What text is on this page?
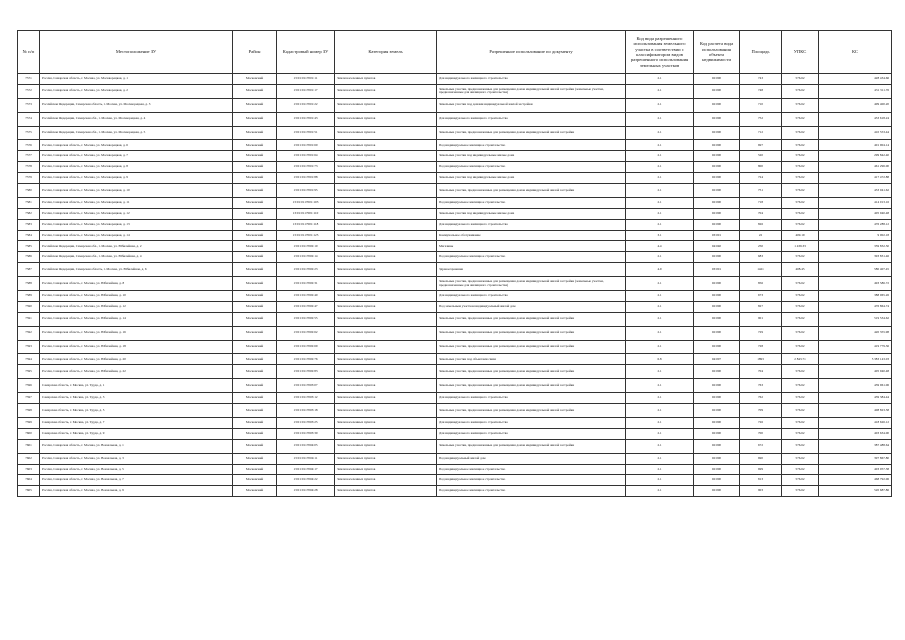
№ п/п	Местоположение ЗУ	Район	Кадастровый номер ЗУ	Категория земель	Разрешенное использование по документу	Код вида разрешенного использования земельного участка в соответствии с классификатором видов разрешенного использования земельных участков	Код расчета вида использования объекта недвижимости	Площадь	УПКС	КС
7571	Россия, Самарская область, г. Москва, ул. Москворецкая, д. 1	Московский	13:01:0117001:11	Земли населенных пунктов	Для индивидуального жилищного строительства	2.1	02:000	743	576.62	428 434.66
7572	Россия, Самарская область, г. Москва, ул. Москворецкая, д. 2	Московский	13:01:0117001:17	Земли населенных пунктов	Земельные участки, предназначенные для размещения домов индивидуальной жилой застройки (земельные участки, предназначенные для жилищного строительства)	2.1	02:000	748	576.62	431 311.76
7573	Российская Федерация, Самарская область, г. Москва, ул. Москворецкая, д. 3	Московский	13:01:0117001:22	Земли населенных пунктов	Земельные участки под домами индивидуальной жилой застройки	2.1	02:000	710	576.62	409 400.20
7574	Российская Федерация, Самарская обл., г. Москва, ул. Москворецкая, д. 4	Московский	13:01:0117001:43	Земли населенных пунктов	Для индивидуального жилищного строительства	2.1	02:000	752	576.62	433 618.24
7575	Российская Федерация, Самарская обл., г. Москва, ул. Москворецкая, д. 5	Московский	13:01:0117001:51	Земли населенных пунктов	Земельные участки, предназначенные для размещения домов индивидуальной жилой застройки	2.1	02:000	712	576.62	410 553.44
7576	Россия, Самарская область, г. Москва, ул. Москворецкая, д. 6	Московский	13:01:0117001:60	Земли населенных пунктов	Под индивидуальное жилищное строительство	2.1	02:000	697	576.62	401 904.14
7577	Россия, Самарская область, г. Москва, ул. Москворецкая, д. 7	Московский	13:01:0117001:64	Земли населенных пунктов	Земельные участки под индивидуальные жилые дома	2.1	02:000	520	576.62	299 842.40
7578	Россия, Самарская область, г. Москва, ул. Москворецкая, д. 8	Московский	13:01:0117001:73	Земли населенных пунктов	Под индивидуальное жилищное строительство	2.1	02:000	800	576.62	461 296.00
7579	Россия, Самарская область, г. Москва, ул. Москворецкая, д. 9	Московский	13:01:0117001:88	Земли населенных пунктов	Земельные участки под индивидуальные жилые дома	2.1	02:000	724	576.62	417 472.88
7580	Россия, Самарская область, г. Москва, ул. Москворецкая, д. 10	Московский	13:01:0117001:95	Земли населенных пунктов	Земельные участки, предназначенные для размещения домов индивидуальной жилой застройки	2.1	02:000	751	576.62	433 041.62
7581	Россия, Самарская область, г. Москва, ул. Москворецкая, д. 11	Московский	13:01:0117001:103	Земли населенных пунктов	Под индивидуальное жилищное строительство	2.1	02:000	718	576.62	414 013.16
7582	Россия, Самарская область, г. Москва, ул. Москворецкая, д. 12	Московский	13:01:0117001:110	Земли населенных пунктов	Земельные участки под индивидуальные жилые дома	2.1	02:000	704	576.62	405 940.48
7583	Россия, Самарская область, г. Москва, ул. Москворецкая, д. 13	Московский	13:01:0117001:118	Земли населенных пунктов	Для индивидуального жилищного строительства	2.1	02:000	826	576.62	476 288.12
7584	Россия, Самарская область, г. Москва, ул. Москворецкая, д. 14	Московский	13:01:0117001:125	Земли населенных пунктов	Коммунальное обслуживание	3.1	03:001	22	409.19	9 002.18
7585	Российская Федерация, Самарская обл., г. Москва, ул. Юбилейная, д. 2	Московский	13:01:0117002:10	Земли населенных пунктов	Магазины	4.4	04:040	250	1 439.33	359 832.50
7586	Российская Федерация, Самарская обл., г. Москва, ул. Юбилейная, д. 4	Московский	13:01:0117002:14	Земли населенных пунктов	Под индивидуальное жилищное строительство	2.1	02:000	683	576.62	393 831.46
7587	Российская Федерация, Самарская область, г. Москва, ул. Юбилейная, д. 6	Московский	13:01:0117002:23	Земли населенных пунктов	Здравоохранение	4.9	03:001	1421	408.45	580 407.45
7588	Россия, Самарская область, г. Москва, ул. Юбилейная, д. 8	Московский	13:01:0117002:31	Земли населенных пунктов	Земельные участки, предназначенные для размещения домов индивидуальной жилой застройки (земельные участки, предназначенные для жилищного строительства)	2.1	02:000	856	576.62	493 586.72
7589	Россия, Самарская область, г. Москва, ул. Юбилейная, д. 10	Московский	13:01:0117002:40	Земли населенных пунктов	Для индивидуального жилищного строительства	2.1	02:000	673	576.62	388 065.26
7590	Россия, Самарская область, г. Москва, ул. Юбилейная, д. 12	Московский	13:01:0117002:47	Земли населенных пунктов	Под земельным участком индивидуальный жилой дом	2.1	02:000	827	576.62	476 864.74
7591	Россия, Самарская область, г. Москва, ул. Юбилейная, д. 14	Московский	13:01:0117002:55	Земли населенных пунктов	Земельные участки, предназначенные для размещения домов индивидуальной жилой застройки	2.1	02:000	901	576.62	519 534.62
7592	Россия, Самарская область, г. Москва, ул. Юбилейная, д. 16	Московский	13:01:0117002:62	Земли населенных пунктов	Земельные участки, предназначенные для размещения домов индивидуальной жилой застройки	2.1	02:000	729	576.62	420 355.98
7593	Россия, Самарская область, г. Москва, ул. Юбилейная, д. 18	Московский	13:01:0117002:69	Земли населенных пунктов	Земельные участки, предназначенные для размещения домов индивидуальной жилой застройки	2.1	02:000	728	576.62	419 779.36
7594	Россия, Самарская область, г. Москва, ул. Юбилейная, д. 20	Московский	13:01:0117002:76	Земли населенных пунктов	Земельные участки под объектами связи	6.8	04:007	1893	2 843.71	5 383 143.03
7595	Россия, Самарская область, г. Москва, ул. Юбилейная, д. 22	Московский	13:01:0117002:83	Земли населенных пунктов	Земельные участки, предназначенные для размещения домов индивидуальной жилой застройки	2.1	02:000	704	576.62	405 940.48
7596	Самарская область, г. Москва, ул. Труда, д. 1	Московский	13:01:0117003:07	Земли населенных пунктов	Земельные участки, предназначенные для размещения домов индивидуальной жилой застройки	2.1	02:000	763	576.62	439 961.06
7597	Самарская область, г. Москва, ул. Труда, д. 3	Московский	13:01:0117003:12	Земли населенных пунктов	Для индивидуального жилищного строительства	2.1	02:000	762	576.62	439 384.44
7598	Самарская область, г. Москва, ул. Труда, д. 5	Московский	13:01:0117003:18	Земли населенных пунктов	Земельные участки, предназначенные для размещения домов индивидуальной жилой застройки	2.1	02:000	709	576.62	408 823.58
7599	Самарская область, г. Москва, ул. Труда, д. 7	Московский	13:01:0117003:25	Земли населенных пунктов	Для индивидуального жилищного строительства	2.1	02:000	726	576.62	418 626.12
7600	Самарская область, г. Москва, ул. Труда, д. 9	Московский	13:01:0117003:30	Земли населенных пунктов	Для индивидуального жилищного строительства	2.1	02:000	700	576.62	403 634.00
7601	Россия, Самарская область, г. Москва, ул. Вокзальная, д. 1	Московский	13:01:0117004:05	Земли населенных пунктов	Земельные участки, предназначенные для размещения домов индивидуальной жилой застройки	2.1	02:000	672	576.62	387 488.64
7602	Россия, Самарская область, г. Москва, ул. Вокзальная, д. 3	Московский	13:01:0117004:11	Земли населенных пунктов	Под индивидуальный жилой дом	2.1	02:000	690	576.62	397 867.80
7603	Россия, Самарская область, г. Москва, ул. Вокзальная, д. 5	Московский	13:01:0117004:17	Земли населенных пунктов	Под индивидуальное жилищное строительство	2.1	02:000	699	576.62	403 057.38
7604	Россия, Самарская область, г. Москва, ул. Вокзальная, д. 7	Московский	13:01:0117004:22	Земли населенных пунктов	Под индивидуальное жилищное строительство	2.1	02:000	813	576.62	468 792.06
7605	Россия, Самарская область, г. Москва, ул. Вокзальная, д. 9	Московский	13:01:0117004:28	Земли населенных пунктов	Под индивидуальное жилищное строительство	2.1	02:000	903	576.62	520 687.86
